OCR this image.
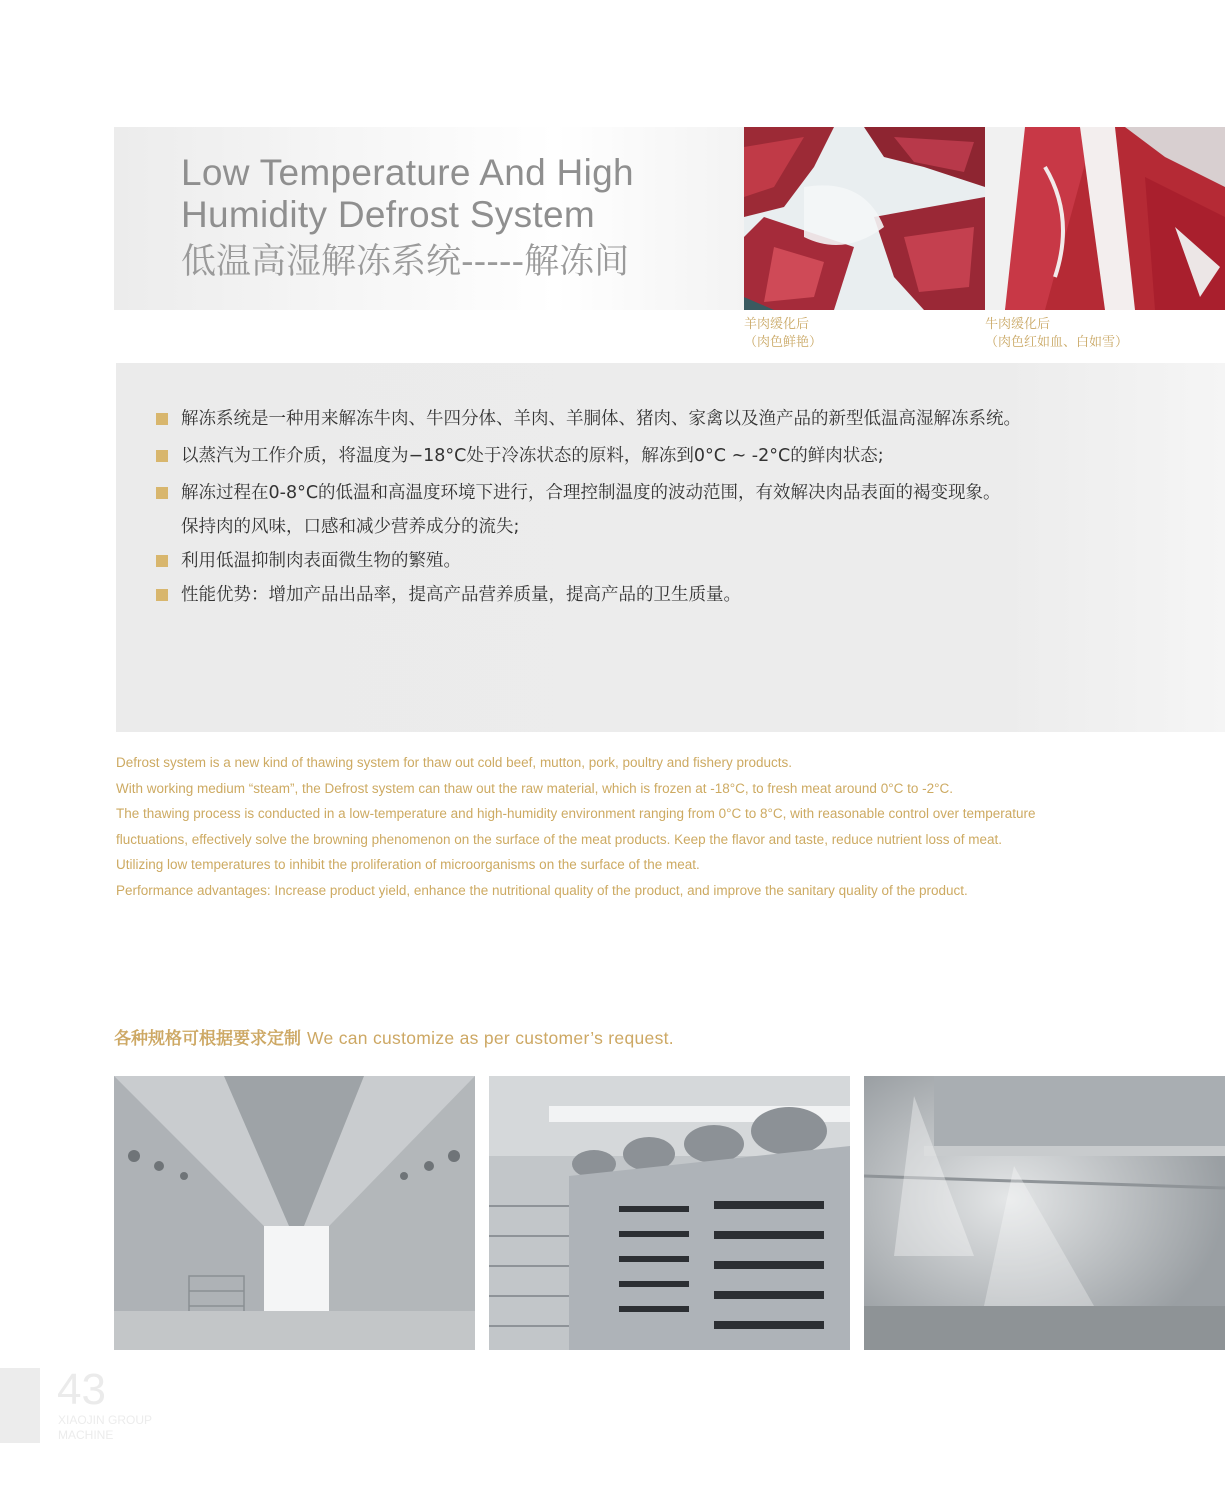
Low Temperature And High
Humidity Defrost System
低温高湿解冻系统-----解冻间
羊肉缓化后
（肉色鲜艳）
牛肉缓化后
（肉色红如血、白如雪）
解冻系统是一种用来解冻牛肉、牛四分体、羊肉、羊胴体、猪肉、家禽以及渔产品的新型低温高湿解冻系统。
以蒸汽为工作介质，将温度为−18°C处于冷冻状态的原料，解冻到0°C ~ -2°C的鲜肉状态;
解冻过程在0-8°C的低温和高温度环境下进行，合理控制温度的波动范围，有效解决肉品表面的褐变现象。
保持肉的风味，口感和减少营养成分的流失;
利用低温抑制肉表面微生物的繁殖。
性能优势：增加产品出品率，提高产品营养质量，提高产品的卫生质量。
Defrost system is a new kind of thawing system for thaw out cold beef, mutton, pork, poultry and fishery products.
With working medium “steam”, the Defrost system can thaw out the raw material, which is frozen at -18°C, to fresh meat around 0°C to -2°C.
The thawing process is conducted in a low-temperature and high-humidity environment ranging from 0°C to 8°C, with reasonable control over temperature
fluctuations, effectively solve the browning phenomenon on the surface of the meat products. Keep the flavor and taste, reduce nutrient loss of meat.
Utilizing low temperatures to inhibit the proliferation of microorganisms on the surface of the meat.
Performance advantages: Increase product yield, enhance the nutritional quality of the product, and improve the sanitary quality of the product.
各种规格可根据要求定制 We can customize as per customer’s request.
43
XIAOJIN GROUP
MACHINE
